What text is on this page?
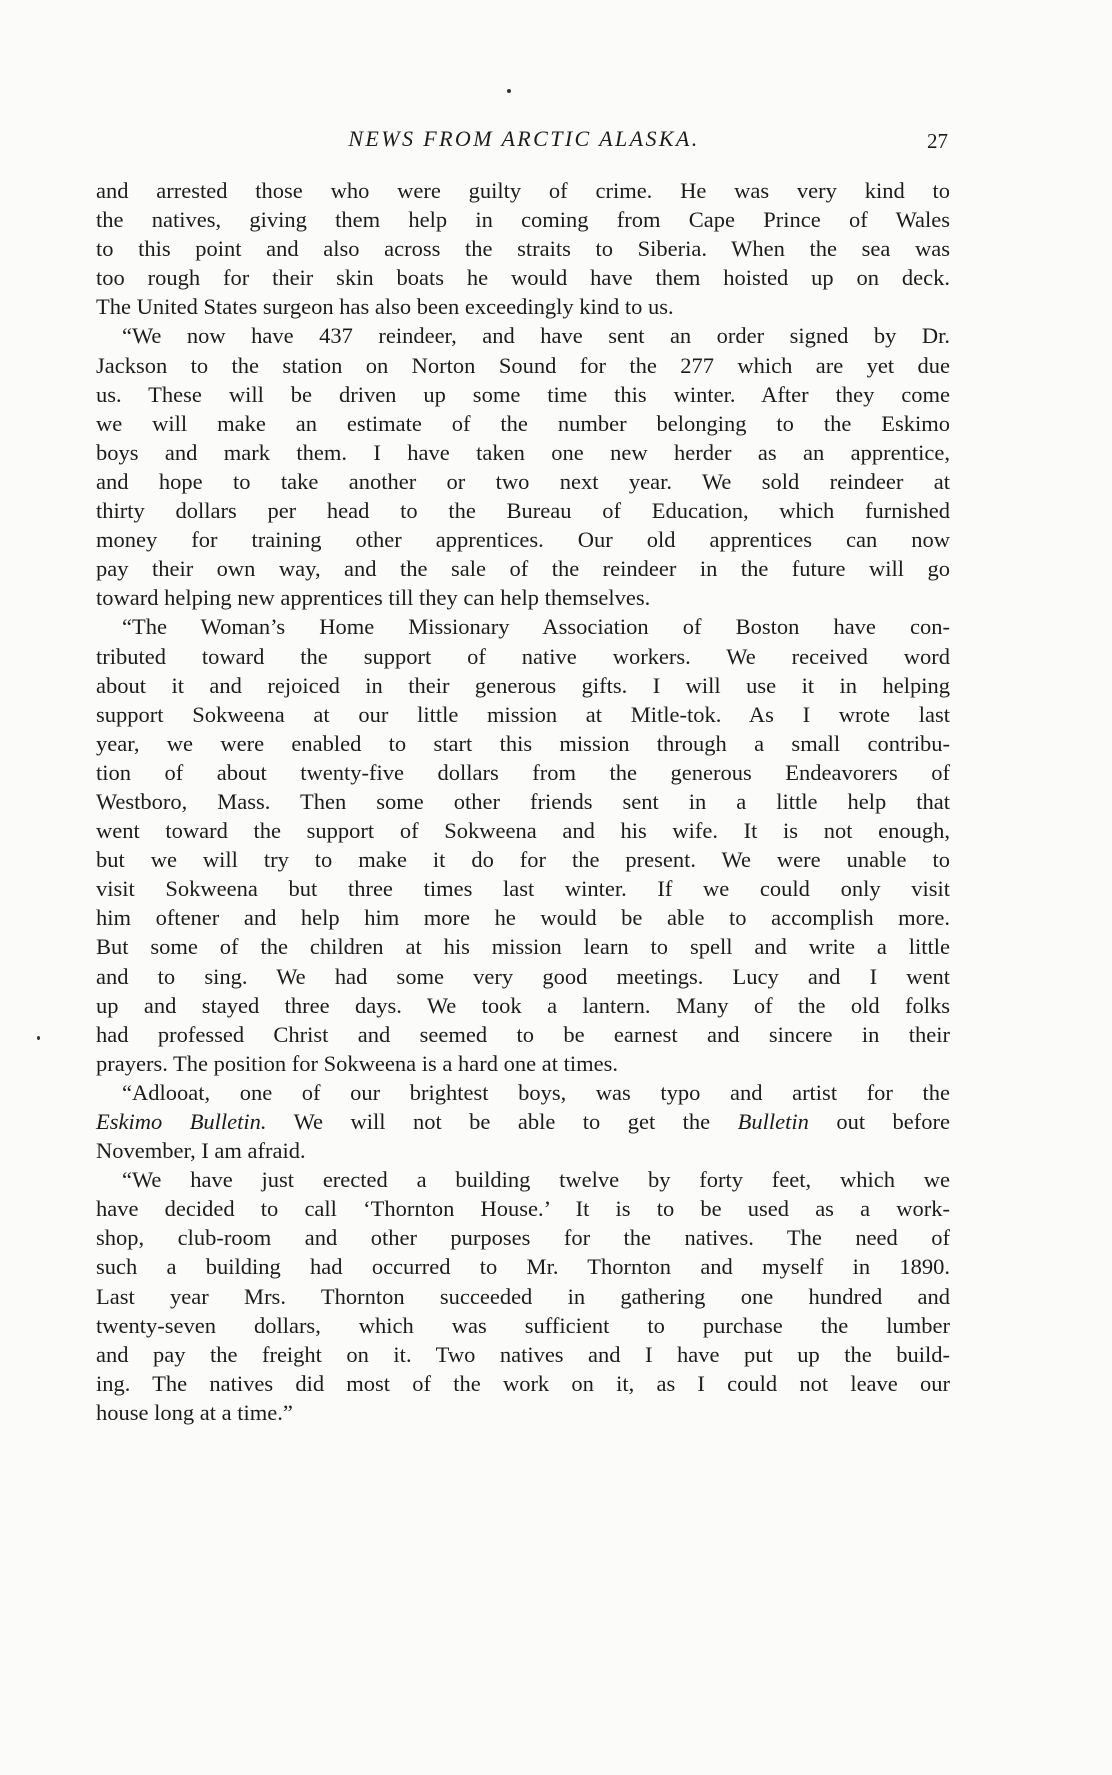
NEWS FROM ARCTIC ALASKA.	27
and arrested those who were guilty of crime. He was very kind to
the natives, giving them help in coming from Cape Prince of Wales
to this point and also across the straits to Siberia. When the sea was
too rough for their skin boats he would have them hoisted up on deck.
The United States surgeon has also been exceedingly kind to us.
“We now have 437 reindeer, and have sent an order signed by Dr.
Jackson to the station on Norton Sound for the 277 which are yet due
us. These will be driven up some time this winter. After they come
we will make an estimate of the number belonging to the Eskimo
boys and mark them. I have taken one new herder as an apprentice,
and hope to take another or two next year. We sold reindeer at
thirty dollars per head to the Bureau of Education, which furnished
money for training other apprentices. Our old apprentices can now
pay their own way, and the sale of the reindeer in the future will go
toward helping new apprentices till they can help themselves.
“The Woman’s Home Missionary Association of Boston have con-
tributed toward the support of native workers. We received word
about it and rejoiced in their generous gifts. I will use it in helping
support Sokweena at our little mission at Mitle-tok. As I wrote last
year, we were enabled to start this mission through a small contribu-
tion of about twenty-five dollars from the generous Endeavorers of
Westboro, Mass. Then some other friends sent in a little help that
went toward the support of Sokweena and his wife. It is not enough,
but we will try to make it do for the present. We were unable to
visit Sokweena but three times last winter. If we could only visit
him oftener and help him more he would be able to accomplish more.
But some of the children at his mission learn to spell and write a little
and to sing. We had some very good meetings. Lucy and I went
up and stayed three days. We took a lantern. Many of the old folks
had professed Christ and seemed to be earnest and sincere in their
prayers. The position for Sokweena is a hard one at times.
“Adlooat, one of our brightest boys, was typo and artist for the
Eskimo Bulletin. We will not be able to get the Bulletin out before
November, I am afraid.
“We have just erected a building twelve by forty feet, which we
have decided to call ‘Thornton House.’ It is to be used as a work-
shop, club-room and other purposes for the natives. The need of
such a building had occurred to Mr. Thornton and myself in 1890.
Last year Mrs. Thornton succeeded in gathering one hundred and
twenty-seven dollars, which was sufficient to purchase the lumber
and pay the freight on it. Two natives and I have put up the build-
ing. The natives did most of the work on it, as I could not leave our
house long at a time.”
